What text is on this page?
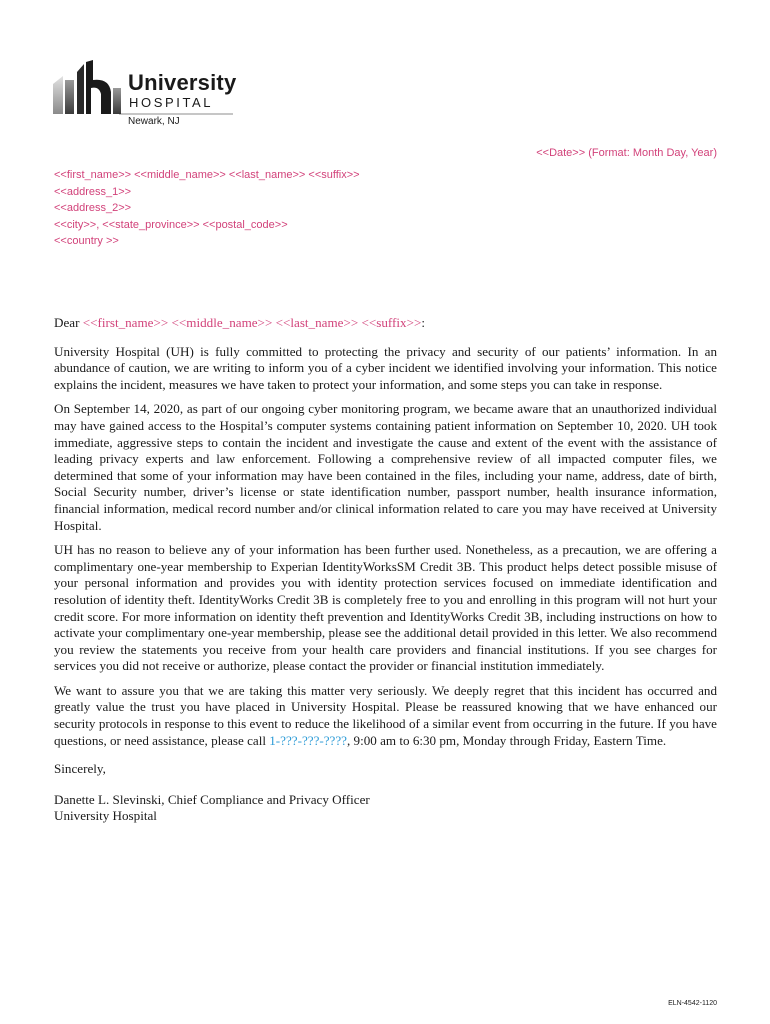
University
HOSPITAL
Newark, NJ
<<Date>> (Format: Month Day, Year)
<<first_name>> <<middle_name>> <<last_name>> <<suffix>>
<<address_1>>
<<address_2>>
<<city>>, <<state_province>> <<postal_code>>
<<country >>

Dear <<first_name>> <<middle_name>> <<last_name>> <<suffix>>:

University Hospital (UH) is fully committed to protecting the privacy and security of our patients’ information. In an abundance of caution, we are writing to inform you of a cyber incident we identified involving your information. This notice explains the incident, measures we have taken to protect your information, and some steps you can take in response.

On September 14, 2020, as part of our ongoing cyber monitoring program, we became aware that an unauthorized individual may have gained access to the Hospital’s computer systems containing patient information on September 10, 2020. UH took immediate, aggressive steps to contain the incident and investigate the cause and extent of the event with the assistance of leading privacy experts and law enforcement. Following a comprehensive review of all impacted computer files, we determined that some of your information may have been contained in the files, including your name, address, date of birth, Social Security number, driver’s license or state identification number, passport number, health insurance information, financial information, medical record number and/or clinical information related to care you may have received at University Hospital.

UH has no reason to believe any of your information has been further used. Nonetheless, as a precaution, we are offering a complimentary one-year membership to Experian IdentityWorksSM Credit 3B. This product helps detect possible misuse of your personal information and provides you with identity protection services focused on immediate identification and resolution of identity theft. IdentityWorks Credit 3B is completely free to you and enrolling in this program will not hurt your credit score. For more information on identity theft prevention and IdentityWorks Credit 3B, including instructions on how to activate your complimentary one-year membership, please see the additional detail provided in this letter. We also recommend you review the statements you receive from your health care providers and financial institutions. If you see charges for services you did not receive or authorize, please contact the provider or financial institution immediately.

We want to assure you that we are taking this matter very seriously. We deeply regret that this incident has occurred and greatly value the trust you have placed in University Hospital. Please be reassured knowing that we have enhanced our security protocols in response to this event to reduce the likelihood of a similar event from occurring in the future. If you have questions, or need assistance, please call 1-???-???-????, 9:00 am to 6:30 pm, Monday through Friday, Eastern Time.

Sincerely,

Danette L. Slevinski, Chief Compliance and Privacy Officer

University Hospital

ELN-4542-1120
